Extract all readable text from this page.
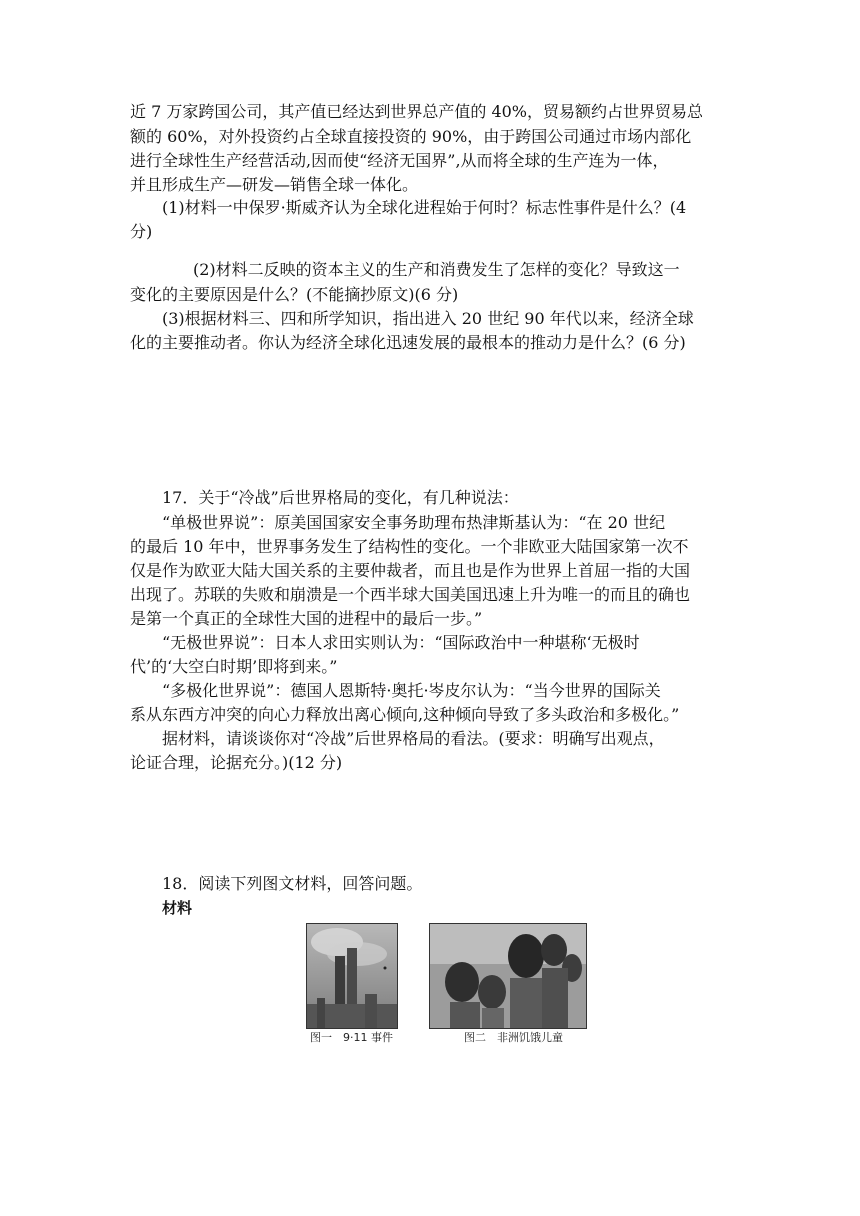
近 7 万家跨国公司，其产值已经达到世界总产值的 40%，贸易额约占世界贸易总
额的 60%，对外投资约占全球直接投资的 90%，由于跨国公司通过市场内部化
进行全球性生产经营活动,因而使“经济无国界”,从而将全球的生产连为一体，
并且形成生产—研发—销售全球一体化。
(1)材料一中保罗·斯威齐认为全球化进程始于何时？标志性事件是什么？(4
分)
(2)材料二反映的资本主义的生产和消费发生了怎样的变化？导致这一
变化的主要原因是什么？(不能摘抄原文)(6 分)
(3)根据材料三、四和所学知识，指出进入 20 世纪 90 年代以来，经济全球
化的主要推动者。你认为经济全球化迅速发展的最根本的推动力是什么？(6 分)
17．关于“冷战”后世界格局的变化，有几种说法：
“单极世界说”：原美国国家安全事务助理布热津斯基认为：“在 20 世纪
的最后 10 年中，世界事务发生了结构性的变化。一个非欧亚大陆国家第一次不
仅是作为欧亚大陆大国关系的主要仲裁者，而且也是作为世界上首屈一指的大国
出现了。苏联的失败和崩溃是一个西半球大国美国迅速上升为唯一的而且的确也
是第一个真正的全球性大国的进程中的最后一步。”
“无极世界说”：日本人求田实则认为：“国际政治中一种堪称‘无极时
代’的‘大空白时期’即将到来。”
“多极化世界说”：德国人恩斯特·奥托·岑皮尔认为：“当今世界的国际关
系从东西方冲突的向心力释放出离心倾向,这种倾向导致了多头政治和多极化。”
据材料，请谈谈你对“冷战”后世界格局的看法。(要求：明确写出观点，
论证合理，论据充分。)(12 分)
18．阅读下列图文材料，回答问题。
材料
图一　9·11 事件	图二　非洲饥饿儿童
